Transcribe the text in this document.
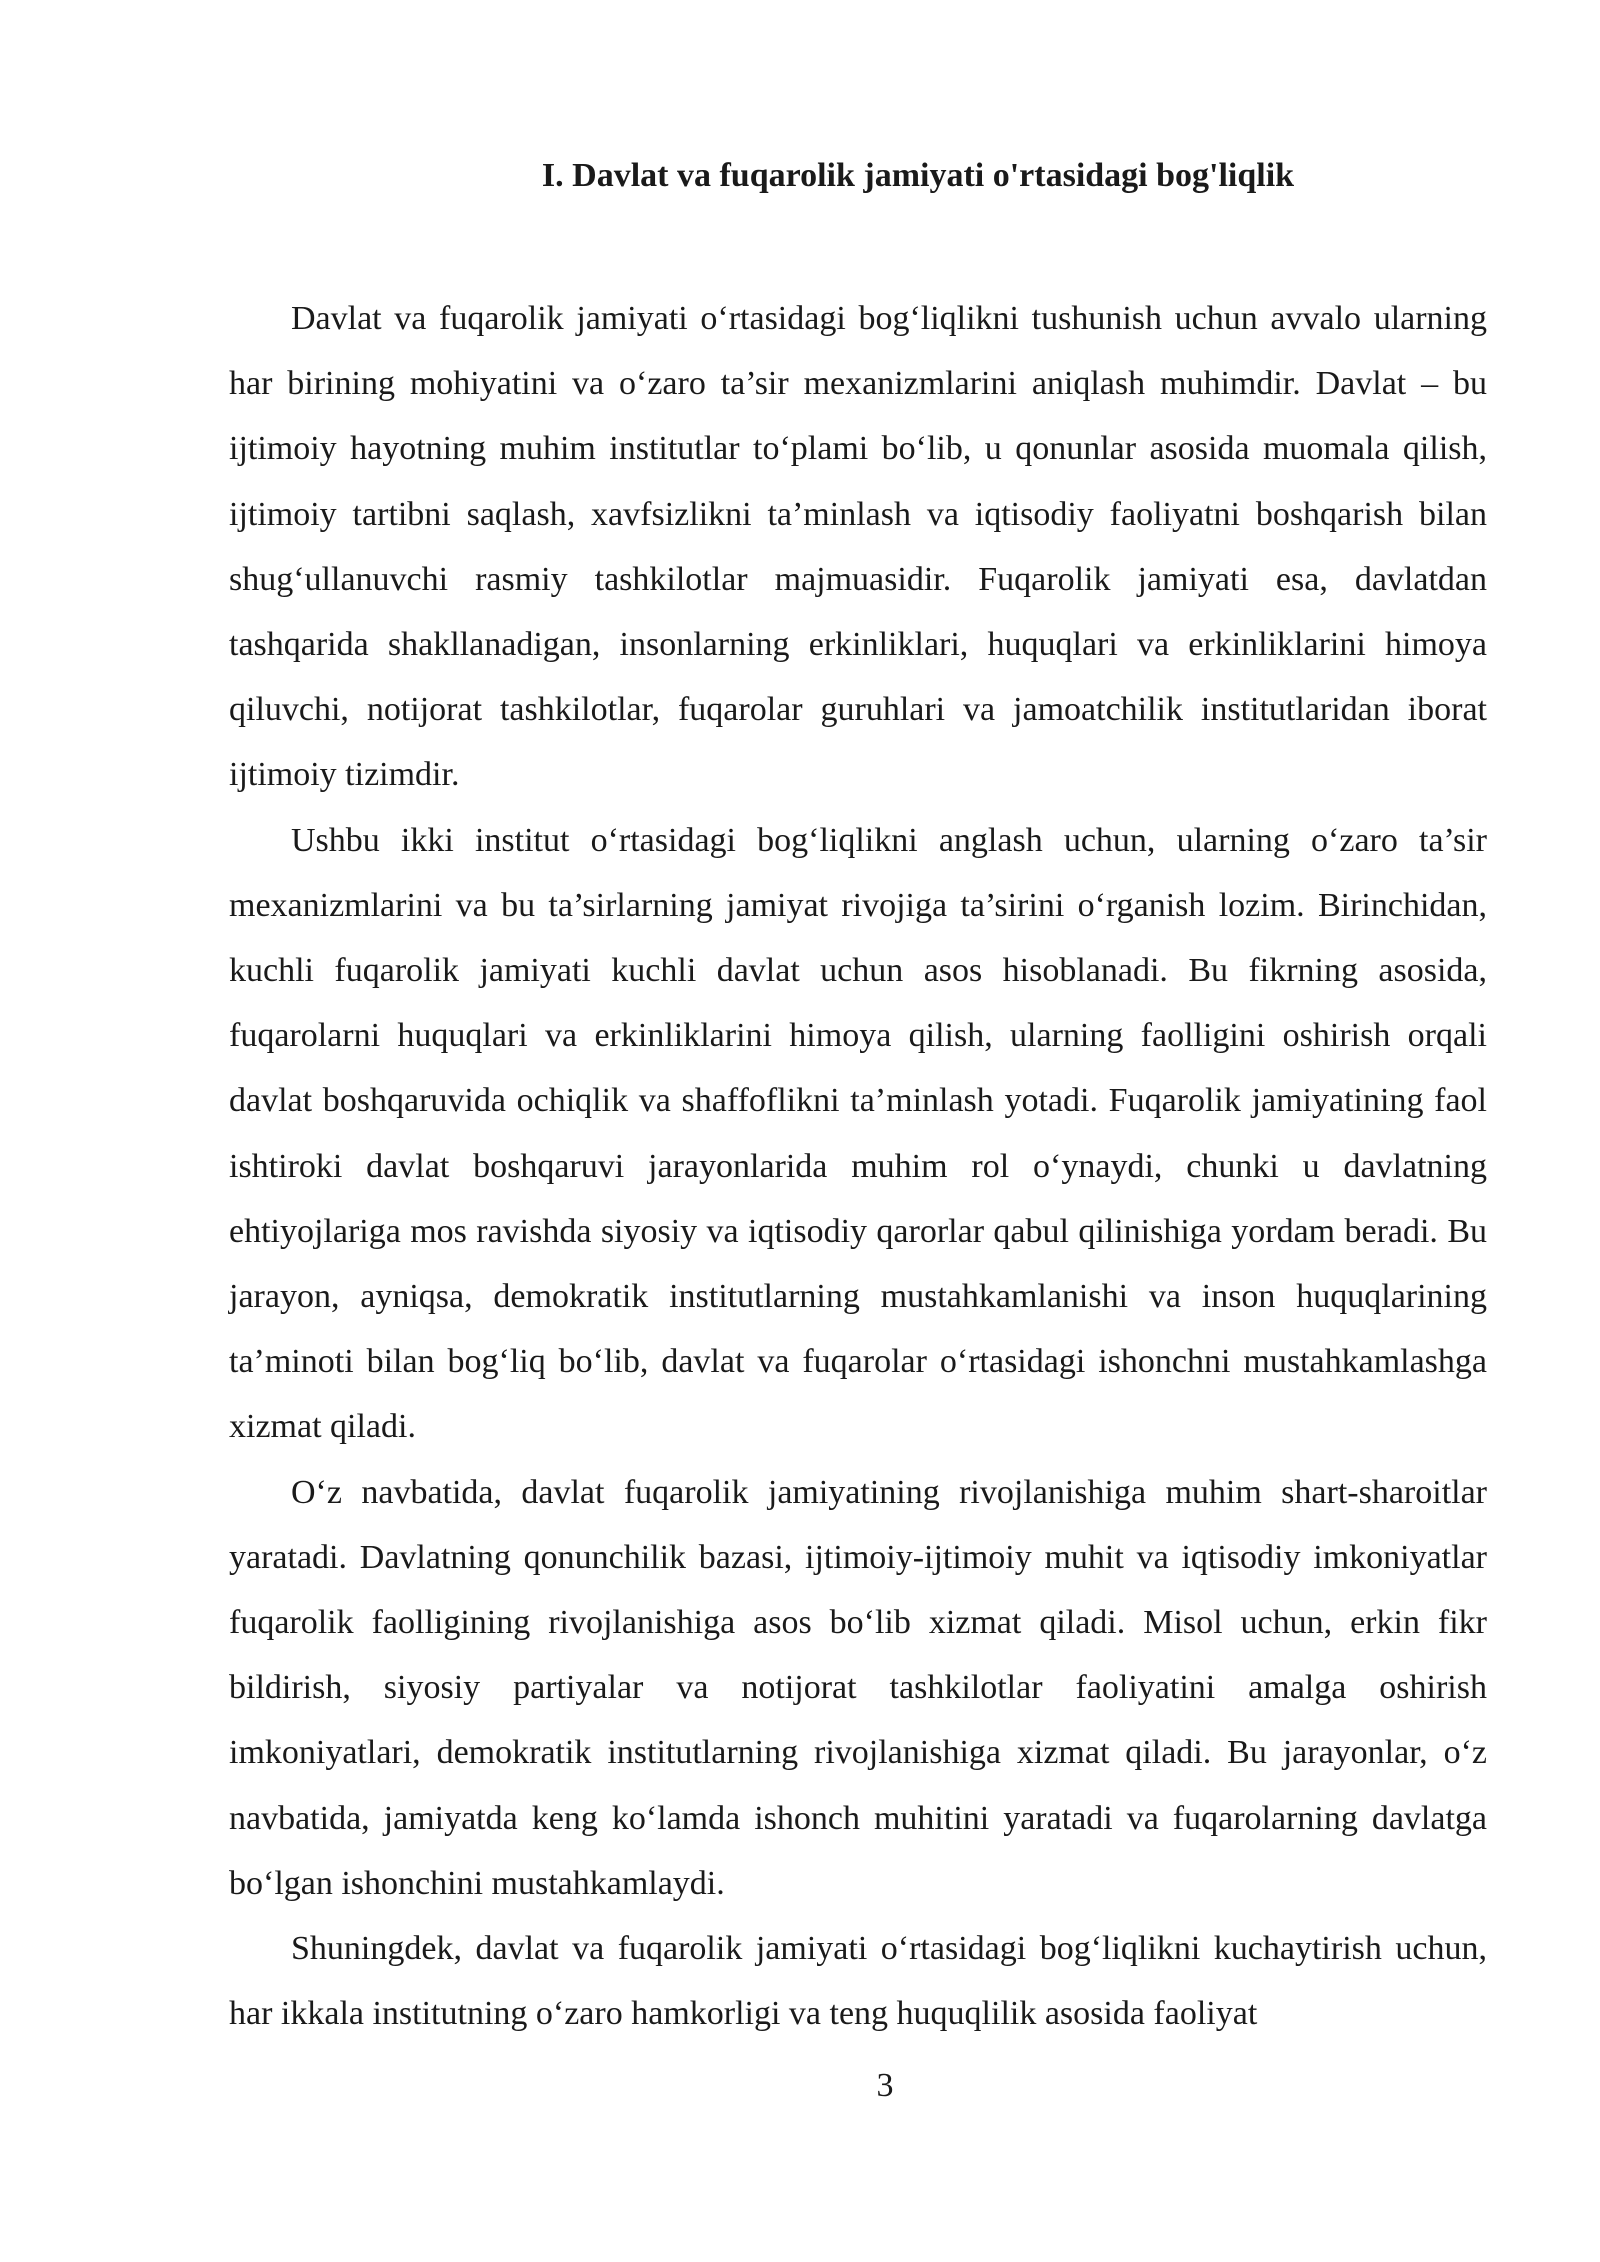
I. Davlat va fuqarolik jamiyati o'rtasidagi bog'liqlik

Davlat va fuqarolik jamiyati o‘rtasidagi bog‘liqlikni tushunish uchun avvalo ularning har birining mohiyatini va o‘zaro ta’sir mexanizmlarini aniqlash muhimdir. Davlat – bu ijtimoiy hayotning muhim institutlar to‘plami bo‘lib, u qonunlar asosida muomala qilish, ijtimoiy tartibni saqlash, xavfsizlikni ta’minlash va iqtisodiy faoliyatni boshqarish bilan shug‘ullanuvchi rasmiy tashkilotlar majmuasidir. Fuqarolik jamiyati esa, davlatdan tashqarida shakllanadigan, insonlarning erkinliklari, huquqlari va erkinliklarini himoya qiluvchi, notijorat tashkilotlar, fuqarolar guruhlari va jamoatchilik institutlaridan iborat ijtimoiy tizimdir.

Ushbu ikki institut o‘rtasidagi bog‘liqlikni anglash uchun, ularning o‘zaro ta’sir mexanizmlarini va bu ta’sirlarning jamiyat rivojiga ta’sirini o‘rganish lozim. Birinchidan, kuchli fuqarolik jamiyati kuchli davlat uchun asos hisoblanadi. Bu fikrning asosida, fuqarolarni huquqlari va erkinliklarini himoya qilish, ularning faolligini oshirish orqali davlat boshqaruvida ochiqlik va shaffoflikni ta’minlash yotadi. Fuqarolik jamiyatining faol ishtiroki davlat boshqaruvi jarayonlarida muhim rol o‘ynaydi, chunki u davlatning ehtiyojlariga mos ravishda siyosiy va iqtisodiy qarorlar qabul qilinishiga yordam beradi. Bu jarayon, ayniqsa, demokratik institutlarning mustahkamlanishi va inson huquqlarining ta’minoti bilan bog‘liq bo‘lib, davlat va fuqarolar o‘rtasidagi ishonchni mustahkamlashga xizmat qiladi.

O‘z navbatida, davlat fuqarolik jamiyatining rivojlanishiga muhim shart-sharoitlar yaratadi. Davlatning qonunchilik bazasi, ijtimoiy-ijtimoiy muhit va iqtisodiy imkoniyatlar fuqarolik faolligining rivojlanishiga asos bo‘lib xizmat qiladi. Misol uchun, erkin fikr bildirish, siyosiy partiyalar va notijorat tashkilotlar faoliyatini amalga oshirish imkoniyatlari, demokratik institutlarning rivojlanishiga xizmat qiladi. Bu jarayonlar, o‘z navbatida, jamiyatda keng ko‘lamda ishonch muhitini yaratadi va fuqarolarning davlatga bo‘lgan ishonchini mustahkamlaydi.

Shuningdek, davlat va fuqarolik jamiyati o‘rtasidagi bog‘liqlikni kuchaytirish uchun, har ikkala institutning o‘zaro hamkorligi va teng huquqlilik asosida faoliyat

3
